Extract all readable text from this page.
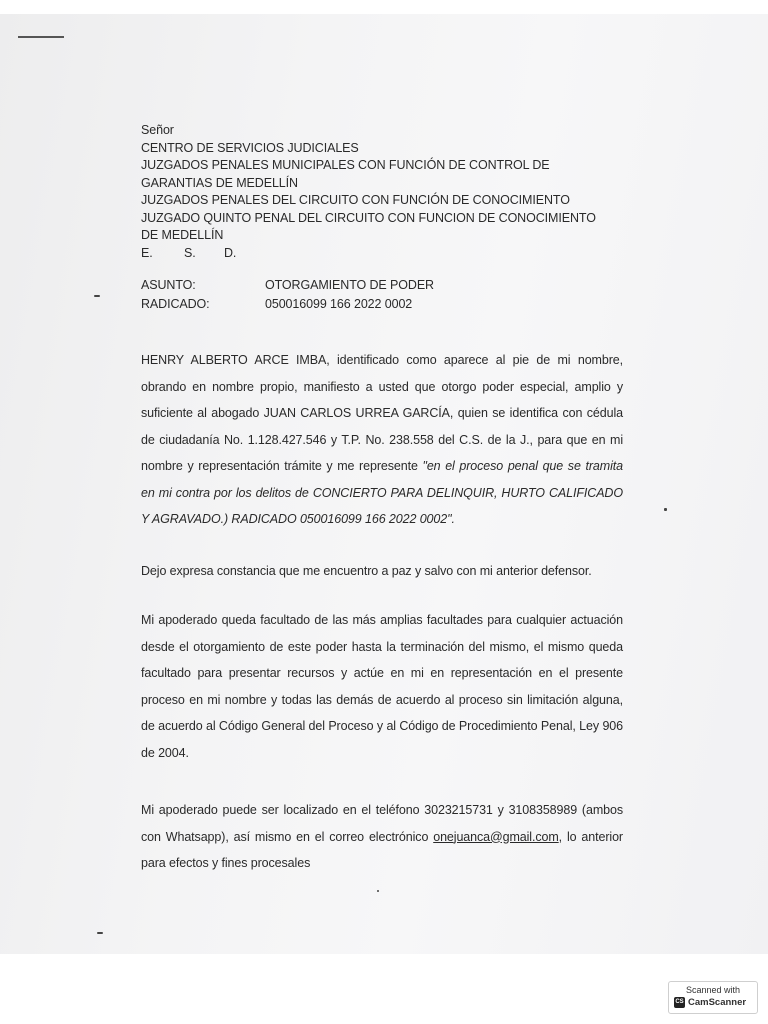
Señor
CENTRO DE SERVICIOS JUDICIALES
JUZGADOS PENALES MUNICIPALES CON FUNCIÓN DE CONTROL DE
GARANTIAS DE MEDELLÍN
JUZGADOS PENALES DEL CIRCUITO CON FUNCIÓN DE CONOCIMIENTO
JUZGADO QUINTO PENAL DEL CIRCUITO CON FUNCION DE CONOCIMIENTO
DE MEDELLÍN
E.	S. D.
ASUNTO:	OTORGAMIENTO DE PODER
RADICADO:	050016099 166 2022 0002

HENRY ALBERTO ARCE IMBA, identificado como aparece al pie de mi nombre, obrando en nombre propio, manifiesto a usted que otorgo poder especial, amplio y suficiente al abogado JUAN CARLOS URREA GARCÍA, quien se identifica con cédula de ciudadanía No. 1.128.427.546 y T.P. No. 238.558 del C.S. de la J., para que en mi nombre y representación trámite y me represente "en el proceso penal que se tramita en mi contra por los delitos de CONCIERTO PARA DELINQUIR, HURTO CALIFICADO Y AGRAVADO.) RADICADO 050016099 166 2022 0002".

Dejo expresa constancia que me encuentro a paz y salvo con mi anterior defensor.

Mi apoderado queda facultado de las más amplias facultades para cualquier actuación desde el otorgamiento de este poder hasta la terminación del mismo, el mismo queda facultado para presentar recursos y actúe en mi en representación en el presente proceso en mi nombre y todas las demás de acuerdo al proceso sin limitación alguna, de acuerdo al Código General del Proceso y al Código de Procedimiento Penal, Ley 906 de 2004.

Mi apoderado puede ser localizado en el teléfono 3023215731 y 3108358989 (ambos con Whatsapp), así mismo en el correo electrónico onejuanca@gmail.com, lo anterior para efectos y fines procesales

Scanned with
CS CamScanner
